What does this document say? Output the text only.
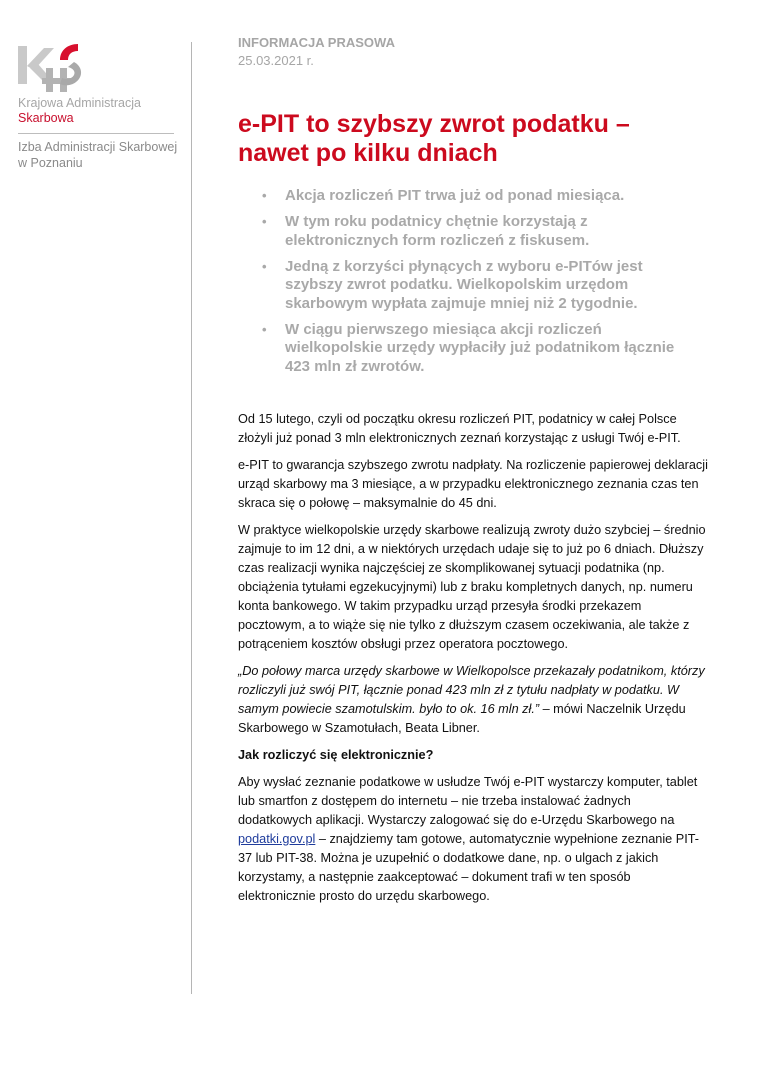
Krajowa Administracja
Skarbowa
Izba Administracji Skarbowej
w Poznaniu
INFORMACJA PRASOWA
25.03.2021 r.
e-PIT to szybszy zwrot podatku –
nawet po kilku dniach
• Akcja rozliczeń PIT trwa już od ponad miesiąca.
• W tym roku podatnicy chętnie korzystają z elektronicznych form rozliczeń z fiskusem.
• Jedną z korzyści płynących z wyboru e-PITów jest szybszy zwrot podatku. Wielkopolskim urzędom skarbowym wypłata zajmuje mniej niż 2 tygodnie.
• W ciągu pierwszego miesiąca akcji rozliczeń wielkopolskie urzędy wypłaciły już podatnikom łącznie 423 mln zł zwrotów.

Od 15 lutego, czyli od początku okresu rozliczeń PIT, podatnicy w całej Polsce złożyli już ponad 3 mln elektronicznych zeznań korzystając z usługi Twój e-PIT.

e-PIT to gwarancja szybszego zwrotu nadpłaty. Na rozliczenie papierowej deklaracji urząd skarbowy ma 3 miesiące, a w przypadku elektronicznego zeznania czas ten skraca się o połowę – maksymalnie do 45 dni.

W praktyce wielkopolskie urzędy skarbowe realizują zwroty dużo szybciej – średnio zajmuje to im 12 dni, a w niektórych urzędach udaje się to już po 6 dniach. Dłuższy czas realizacji wynika najczęściej ze skomplikowanej sytuacji podatnika (np. obciążenia tytułami egzekucyjnymi) lub z braku kompletnych danych, np. numeru konta bankowego. W takim przypadku urząd przesyła środki przekazem pocztowym, a to wiąże się nie tylko z dłuższym czasem oczekiwania, ale także z potrąceniem kosztów obsługi przez operatora pocztowego.

„Do połowy marca urzędy skarbowe w Wielkopolsce przekazały podatnikom, którzy rozliczyli już swój PIT, łącznie ponad 423 mln zł z tytułu nadpłaty w podatku. W samym powiecie szamotulskim. było to ok. 16 mln zł.” – mówi Naczelnik Urzędu Skarbowego w Szamotułach, Beata Libner.

Jak rozliczyć się elektronicznie?

Aby wysłać zeznanie podatkowe w usłudze Twój e-PIT wystarczy komputer, tablet lub smartfon z dostępem do internetu – nie trzeba instalować żadnych dodatkowych aplikacji. Wystarczy zalogować się do e-Urzędu Skarbowego na podatki.gov.pl – znajdziemy tam gotowe, automatycznie wypełnione zeznanie PIT-37 lub PIT-38. Można je uzupełnić o dodatkowe dane, np. o ulgach z jakich korzystamy, a następnie zaakceptować – dokument trafi w ten sposób elektronicznie prosto do urzędu skarbowego.
